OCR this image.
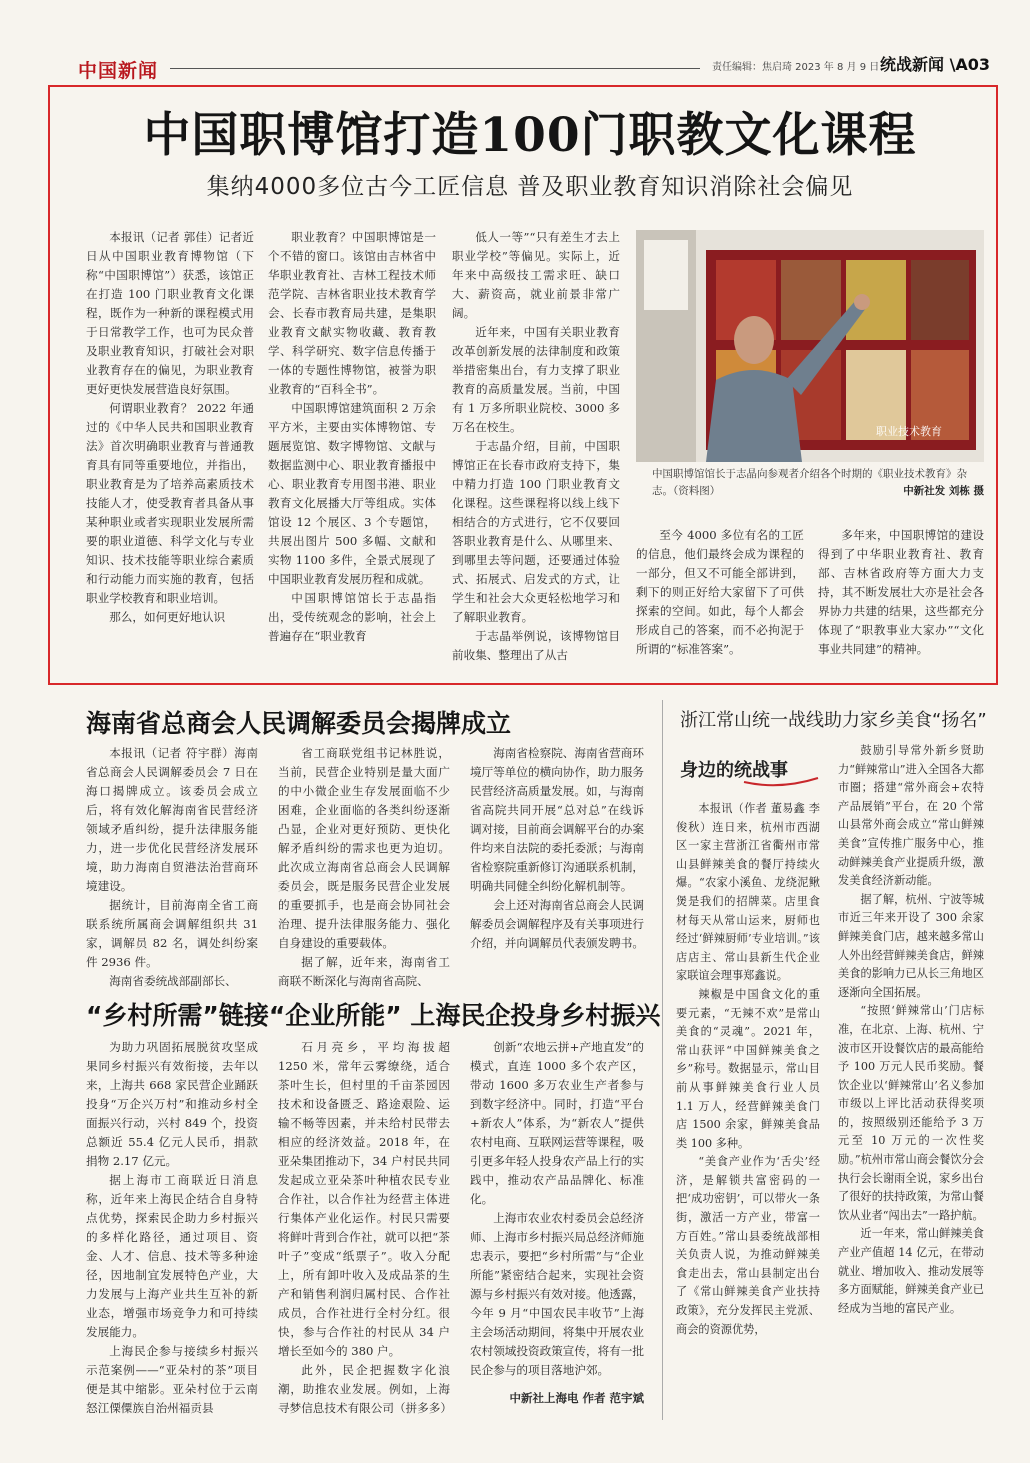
中国新闻	责任编辑：焦启琦 2023 年 8 月 9 日 统战新闻 \A03
中国职博馆打造100门职教文化课程
集纳4000多位古今工匠信息 普及职业教育知识消除社会偏见

本报讯（记者 郭佳）记者近日从中国职业教育博物馆（下称“中国职博馆”）获悉，该馆正在打造 100 门职业教育文化课程，既作为一种新的课程模式用于日常教学工作，也可为民众普及职业教育知识，打破社会对职业教育存在的偏见，为职业教育更好更快发展营造良好氛围。

何谓职业教育？ 2022 年通过的《中华人民共和国职业教育法》首次明确职业教育与普通教育具有同等重要地位，并指出，职业教育是为了培养高素质技术技能人才，使受教育者具备从事某种职业或者实现职业发展所需要的职业道德、科学文化与专业知识、技术技能等职业综合素质和行动能力而实施的教育，包括职业学校教育和职业培训。

那么，如何更好地认识

职业教育？中国职博馆是一个不错的窗口。该馆由吉林省中华职业教育社、吉林工程技术师范学院、吉林省职业技术教育学会、长春市教育局共建，是集职业教育文献实物收藏、教育教学、科学研究、数字信息传播于一体的专题性博物馆，被誉为职业教育的“百科全书”。

中国职博馆建筑面积 2 万余平方米，主要由实体博物馆、专题展览馆、数字博物馆、文献与数据监测中心、职业教育播报中心、职业教育专用图书港、职业教育文化展播大厅等组成。实体馆设 12 个展区、3 个专题馆，共展出图片 500 多幅、文献和实物 1100 多件，全景式展现了中国职业教育发展历程和成就。

中国职博馆馆长于志晶指出，受传统观念的影响，社会上普遍存在“职业教育

低人一等”“只有差生才去上职业学校”等偏见。实际上，近年来中高级技工需求旺、缺口大、薪资高，就业前景非常广阔。

近年来，中国有关职业教育改革创新发展的法律制度和政策举措密集出台，有力支撑了职业教育的高质量发展。当前，中国有 1 万多所职业院校、3000 多万名在校生。

于志晶介绍，目前，中国职博馆正在长春市政府支持下，集中精力打造 100 门职业教育文化课程。这些课程将以线上线下相结合的方式进行，它不仅要回答职业教育是什么、从哪里来、到哪里去等问题，还要通过体验式、拓展式、启发式的方式，让学生和社会大众更轻松地学习和了解职业教育。

于志晶举例说，该博物馆目前收集、整理出了从古

至今 4000 多位有名的工匠的信息，他们最终会成为课程的一部分，但又不可能全部讲到，剩下的则正好给大家留下了可供探索的空间。如此，每个人都会形成自己的答案，而不必拘泥于所谓的“标准答案”。

多年来，中国职博馆的建设得到了中华职业教育社、教育部、吉林省政府等方面大力支持，其不断发展壮大亦是社会各界协力共建的结果，这些都充分体现了“职教事业大家办”“文化事业共同建”的精神。

职业技术教育
中国职博馆馆长于志晶向参观者介绍各个时期的《职业技术教育》杂志。（资料图）	中新社发 刘栋 摄
海南省总商会人民调解委员会揭牌成立

本报讯（记者 符宇群）海南省总商会人民调解委员会 7 日在海口揭牌成立。该委员会成立后，将有效化解海南省民营经济领域矛盾纠纷，提升法律服务能力，进一步优化民营经济发展环境，助力海南自贸港法治营商环境建设。

据统计，目前海南全省工商联系统所属商会调解组织共 31 家，调解员 82 名，调处纠纷案件 2936 件。

海南省委统战部副部长、

省工商联党组书记林胜说，当前，民营企业特别是量大面广的中小微企业生存发展面临不少困难，企业面临的各类纠纷逐渐凸显，企业对更好预防、更快化解矛盾纠纷的需求也更为迫切。此次成立海南省总商会人民调解委员会，既是服务民营企业发展的重要抓手，也是商会协同社会治理、提升法律服务能力、强化自身建设的重要载体。

据了解，近年来，海南省工商联不断深化与海南省高院、

海南省检察院、海南省营商环境厅等单位的横向协作，助力服务民营经济高质量发展。如，与海南省高院共同开展“总对总”在线诉调对接，目前商会调解平台的办案件均来自法院的委托委派；与海南省检察院重新修订沟通联系机制，明确共同健全纠纷化解机制等。

会上还对海南省总商会人民调解委员会调解程序及有关事项进行介绍，并向调解员代表颁发聘书。

“乡村所需”链接“企业所能” 上海民企投身乡村振兴

为助力巩固拓展脱贫攻坚成果同乡村振兴有效衔接，去年以来，上海共 668 家民营企业踊跃投身“万企兴万村”和推动乡村全面振兴行动，兴村 849 个，投资总额近 55.4 亿元人民币，捐款捐物 2.17 亿元。

据上海市工商联近日消息称，近年来上海民企结合自身特点优势，探索民企助力乡村振兴的多样化路径，通过项目、资金、人才、信息、技术等多种途径，因地制宜发展特色产业，大力发展与上海产业共生互补的新业态，增强市场竞争力和可持续发展能力。

上海民企参与接续乡村振兴示范案例——“亚朵村的茶”项目便是其中缩影。亚朵村位于云南怒江傈僳族自治州福贡县

石月亮乡，平均海拔超 1250 米，常年云雾缭绕，适合茶叶生长，但村里的千亩茶园因技术和设备匮乏、路途艰险、运输不畅等因素，并未给村民带去相应的经济效益。2018 年，在亚朵集团推动下，34 户村民共同发起成立亚朵茶叶种植农民专业合作社，以合作社为经营主体进行集体产业化运作。村民只需要将鲜叶背到合作社，就可以把“茶叶子”变成“纸票子”。收入分配上，所有卸叶收入及成品茶的生产和销售利润归属村民、合作社成员，合作社进行全村分红。很快，参与合作社的村民从 34 户增长至如今的 380 户。

此外，民企把握数字化浪潮，助推农业发展。例如，上海寻梦信息技术有限公司（拼多多）

创新“农地云拼+产地直发”的模式，直连 1000 多个农产区，带动 1600 多万农业生产者参与到数字经济中。同时，打造“平台+新农人”体系，为“新农人”提供农村电商、互联网运营等课程，吸引更多年轻人投身农产品上行的实践中，推动农产品品牌化、标准化。

上海市农业农村委员会总经济师、上海市乡村振兴局总经济师施忠表示，要把“乡村所需”与“企业所能”紧密结合起来，实现社会资源与乡村振兴有效对接。他透露，今年 9 月“中国农民丰收节”上海主会场活动期间，将集中开展农业农村领域投资政策宣传，将有一批民企参与的项目落地沪郊。

中新社上海电 作者 范宇斌
浙江常山统一战线助力家乡美食“扬名”
身边的统战事

本报讯（作者 董易鑫 李俊秋）连日来，杭州市西湖区一家主营浙江省衢州市常山县鲜辣美食的餐厅持续火爆。“农家小溪鱼、龙绕泥鳅煲是我们的招牌菜。店里食材每天从常山运来，厨师也经过‘鲜辣厨师’专业培训。”该店店主、常山县新生代企业家联谊会理事郑鑫说。

辣椒是中国食文化的重要元素，“无辣不欢”是常山美食的“灵魂”。2021 年，常山获评“中国鲜辣美食之乡”称号。数据显示，常山目前从事鲜辣美食行业人员 1.1 万人，经营鲜辣美食门店 1500 余家，鲜辣美食品类 100 多种。

“美食产业作为‘舌尖’经济，是解锁共富密码的一把‘成功密钥’，可以带火一条街，激活一方产业，带富一方百姓。”常山县委统战部相关负责人说，为推动鲜辣美食走出去，常山县制定出台了《常山鲜辣美食产业扶持政策》，充分发挥民主党派、商会的资源优势，

鼓励引导常外新乡贤助力“鲜辣常山”进入全国各大都市圈；搭建“常外商会+农特产品展销”平台，在 20 个常山县常外商会成立“常山鲜辣美食”宣传推广服务中心，推动鲜辣美食产业提质升级，激发美食经济新动能。

据了解，杭州、宁波等城市近三年来开设了 300 余家鲜辣美食门店，越来越多常山人外出经营鲜辣美食店，鲜辣美食的影响力已从长三角地区逐渐向全国拓展。

“按照‘鲜辣常山’门店标准，在北京、上海、杭州、宁波市区开设餐饮店的最高能给予 100 万元人民币奖励。餐饮企业以‘鲜辣常山’名义参加市级以上评比活动获得奖项的，按照级别还能给予 3 万元至 10 万元的一次性奖励。”杭州市常山商会餐饮分会执行会长谢雨全说，家乡出台了很好的扶持政策，为常山餐饮从业者“闯出去”一路护航。

近一年来，常山鲜辣美食产业产值超 14 亿元，在带动就业、增加收入、推动发展等多方面赋能，鲜辣美食产业已经成为当地的富民产业。
